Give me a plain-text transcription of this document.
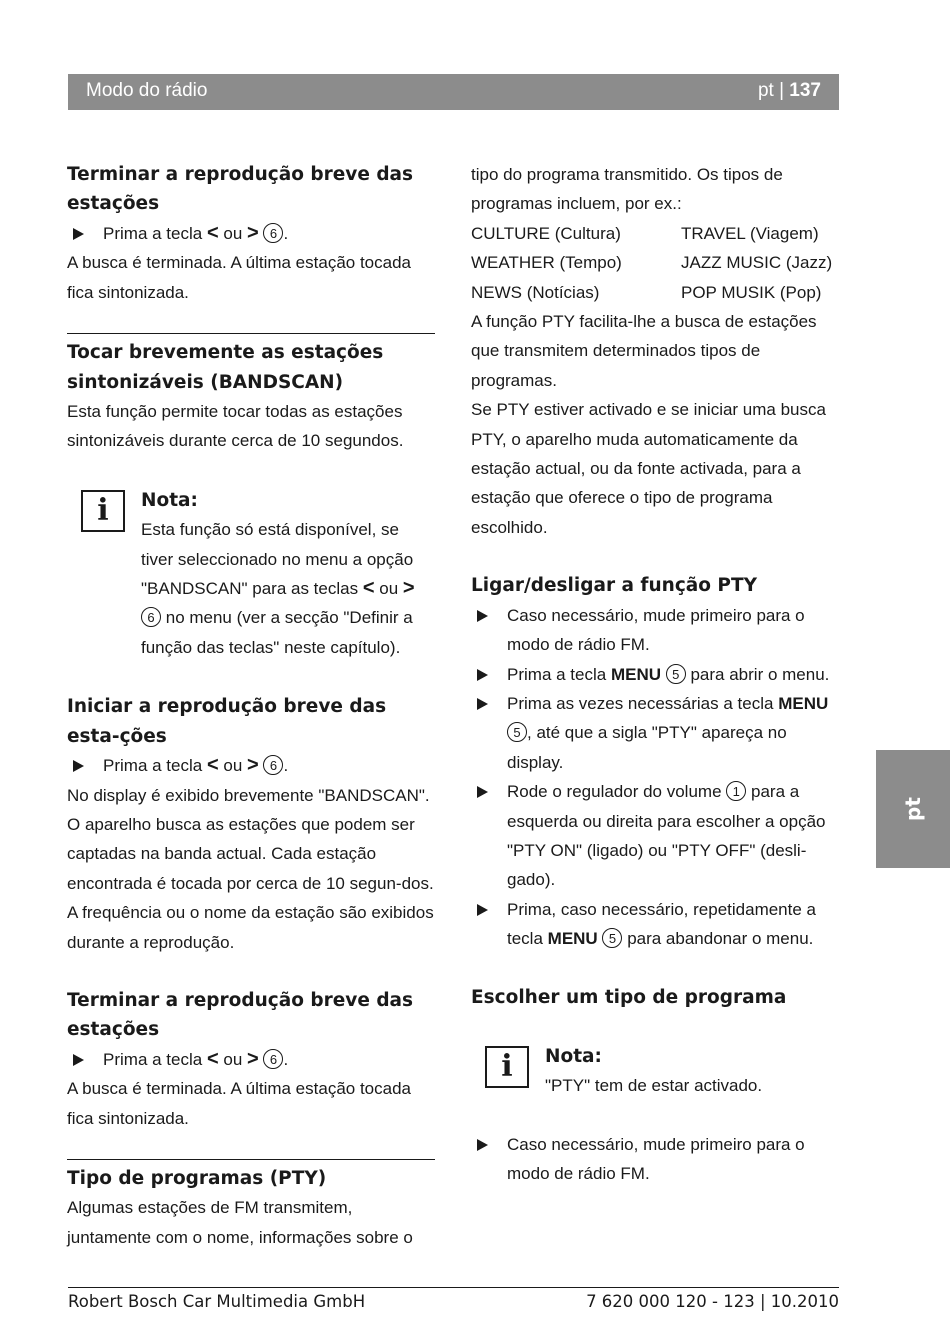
Modo do rádio	pt | 137
Terminar a reprodução breve das estações
Prima a tecla < ou > 6 .
A busca é terminada. A última estação tocada fica sintonizada.
Tocar brevemente as estações sintonizáveis (BANDSCAN)
Esta função permite tocar todas as estações sintonizáveis durante cerca de 10 segundos.
i Nota:
Esta função só está disponível, se tiver seleccionado no menu a opção "BANDSCAN" para as teclas < ou > 6 no menu (ver a secção "Definir a função das teclas" neste capítulo).
Iniciar a reprodução breve das esta-ções
Prima a tecla < ou > 6 .
No display é exibido brevemente "BANDSCAN". O aparelho busca as estações que podem ser captadas na banda actual. Cada estação encontrada é tocada por cerca de 10 segun-dos. A frequência ou o nome da estação são exibidos durante a reprodução.
Terminar a reprodução breve das estações
Prima a tecla < ou > 6 .
A busca é terminada. A última estação tocada fica sintonizada.
Tipo de programas (PTY)
Algumas estações de FM transmitem, juntamente com o nome, informações sobre o
tipo do programa transmitido. Os tipos de programas incluem, por ex.:
CULTURE (Cultura)	TRAVEL (Viagem)
WEATHER (Tempo)	JAZZ MUSIC (Jazz)
NEWS (Notícias)	POP MUSIK (Pop)
A função PTY facilita-lhe a busca de estações que transmitem determinados tipos de programas.
Se PTY estiver activado e se iniciar uma busca PTY, o aparelho muda automaticamente da estação actual, ou da fonte activada, para a estação que oferece o tipo de programa escolhido.
Ligar/desligar a função PTY
Caso necessário, mude primeiro para o modo de rádio FM.
Prima a tecla MENU 5 para abrir o menu.
Prima as vezes necessárias a tecla MENU 5 , até que a sigla "PTY" apareça no display.
Rode o regulador do volume 1 para a esquerda ou direita para escolher a opção "PTY ON" (ligado) ou "PTY OFF" (desli-gado).
Prima, caso necessário, repetidamente a tecla MENU 5 para abandonar o menu.
Escolher um tipo de programa
i Nota:
"PTY" tem de estar activado.
Caso necessário, mude primeiro para o modo de rádio FM.
pt
Robert Bosch Car Multimedia GmbH	7 620 000 120 - 123 | 10.2010
